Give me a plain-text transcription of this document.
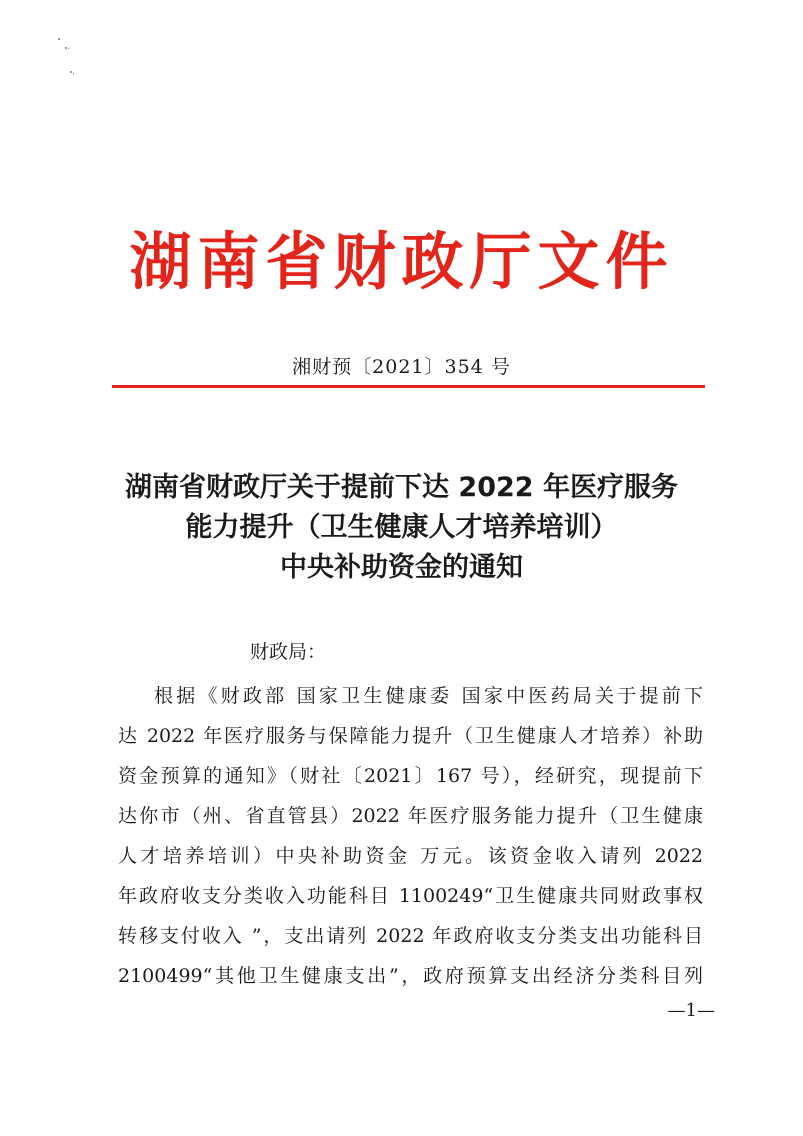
湖南省财政厅文件
湘财预〔2021〕354 号
湖南省财政厅关于提前下达 2022 年医疗服务
能力提升（卫生健康人才培养培训）
中央补助资金的通知
财政局：
根据《财政部 国家卫生健康委 国家中医药局关于提前下
达 2022 年医疗服务与保障能力提升（卫生健康人才培养）补助
资金预算的通知》（财社〔2021〕167 号），经研究，现提前下
达你市（州、省直管县）2022 年医疗服务能力提升（卫生健康
人才培养培训）中央补助资金 万元。该资金收入请列 2022
年政府收支分类收入功能科目 1100249“卫生健康共同财政事权
转移支付收入 ”，支出请列 2022 年政府收支分类支出功能科目
2100499“其他卫生健康支出”，政府预算支出经济分类科目列
—1—
